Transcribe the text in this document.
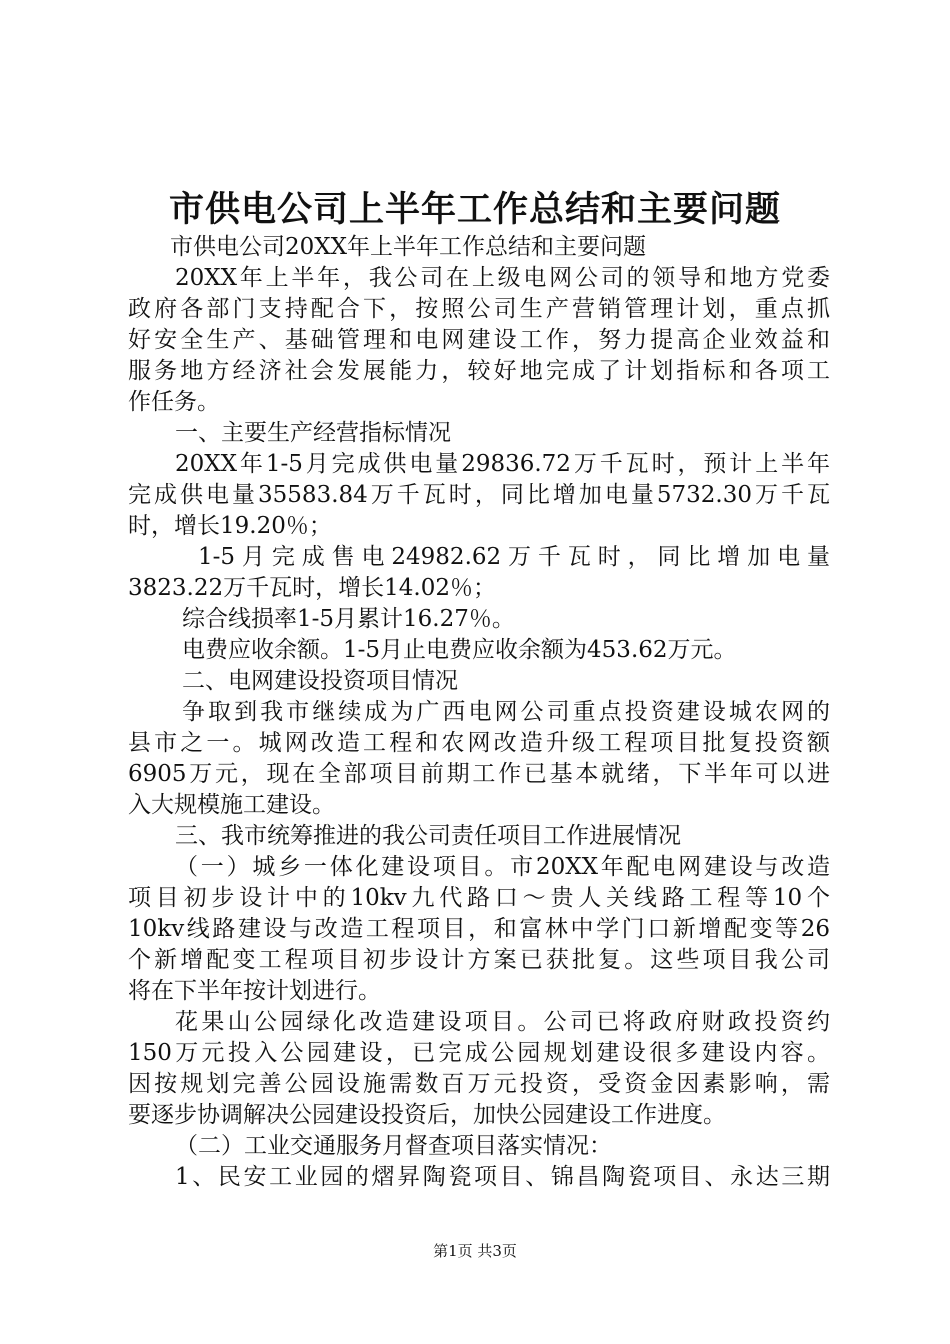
市供电公司上半年工作总结和主要问题
市供电公司20XX年上半年工作总结和主要问题
20XX年上半年，我公司在上级电网公司的领导和地方党委
政府各部门支持配合下，按照公司生产营销管理计划，重点抓
好安全生产、基础管理和电网建设工作，努力提高企业效益和
服务地方经济社会发展能力，较好地完成了计划指标和各项工
作任务。
一、主要生产经营指标情况
20XX年1-5月完成供电量29836.72万千瓦时，预计上半年
完成供电量35583.84万千瓦时，同比增加电量5732.30万千瓦
时，增长19.20％；
1-5月完成售电24982.62万千瓦时，同比增加电量
3823.22万千瓦时，增长14.02％；
综合线损率1-5月累计16.27％。
电费应收余额。1-5月止电费应收余额为453.62万元。
二、电网建设投资项目情况
争取到我市继续成为广西电网公司重点投资建设城农网的
县市之一。城网改造工程和农网改造升级工程项目批复投资额
6905万元，现在全部项目前期工作已基本就绪，下半年可以进
入大规模施工建设。
三、我市统筹推进的我公司责任项目工作进展情况
（一）城乡一体化建设项目。市20XX年配电网建设与改造
项目初步设计中的10kv九代路口～贵人关线路工程等10个
10kv线路建设与改造工程项目，和富林中学门口新增配变等26
个新增配变工程项目初步设计方案已获批复。这些项目我公司
将在下半年按计划进行。
花果山公园绿化改造建设项目。公司已将政府财政投资约
150万元投入公园建设，已完成公园规划建设很多建设内容。
因按规划完善公园设施需数百万元投资，受资金因素影响，需
要逐步协调解决公园建设投资后，加快公园建设工作进度。
（二）工业交通服务月督查项目落实情况：
1、民安工业园的熠昇陶瓷项目、锦昌陶瓷项目、永达三期
第1页 共3页
